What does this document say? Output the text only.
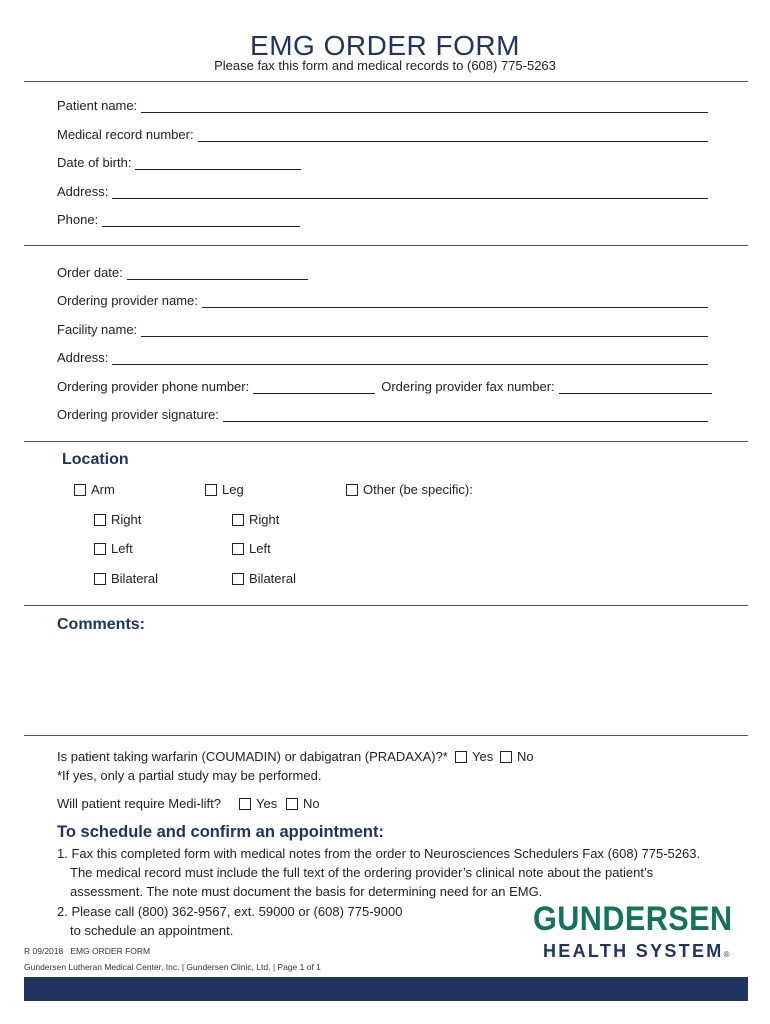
EMG ORDER FORM
Please fax this form and medical records to (608) 775-5263
Patient name:
Medical record number:
Date of birth:
Address:
Phone:
Order date:
Ordering provider name:
Facility name:
Address:
Ordering provider phone number:	Ordering provider fax number:
Ordering provider signature:
Location
Arm	Leg	Other (be specific):
Right
Left
Bilateral
Right
Left
Bilateral
Comments:
Is patient taking warfarin (COUMADIN) or dabigatran (PRADAXA)?* Yes No
*If yes, only a partial study may be performed.
Will patient require Medi-lift?	Yes No
To schedule and confirm an appointment:
1. Fax this completed form with medical notes from the order to Neurosciences Schedulers Fax (608) 775-5263.
The medical record must include the full text of the ordering provider’s clinical note about the patient’s
assessment. The note must document the basis for determining need for an EMG.
2. Please call (800) 362-9567, ext. 59000 or (608) 775-9000
to schedule an appointment.
R 09/2018   EMG ORDER FORM
Gundersen Lutheran Medical Center, Inc. | Gundersen Clinic, Ltd. | Page 1 of 1
GUNDERSEN
HEALTH SYSTEM®
